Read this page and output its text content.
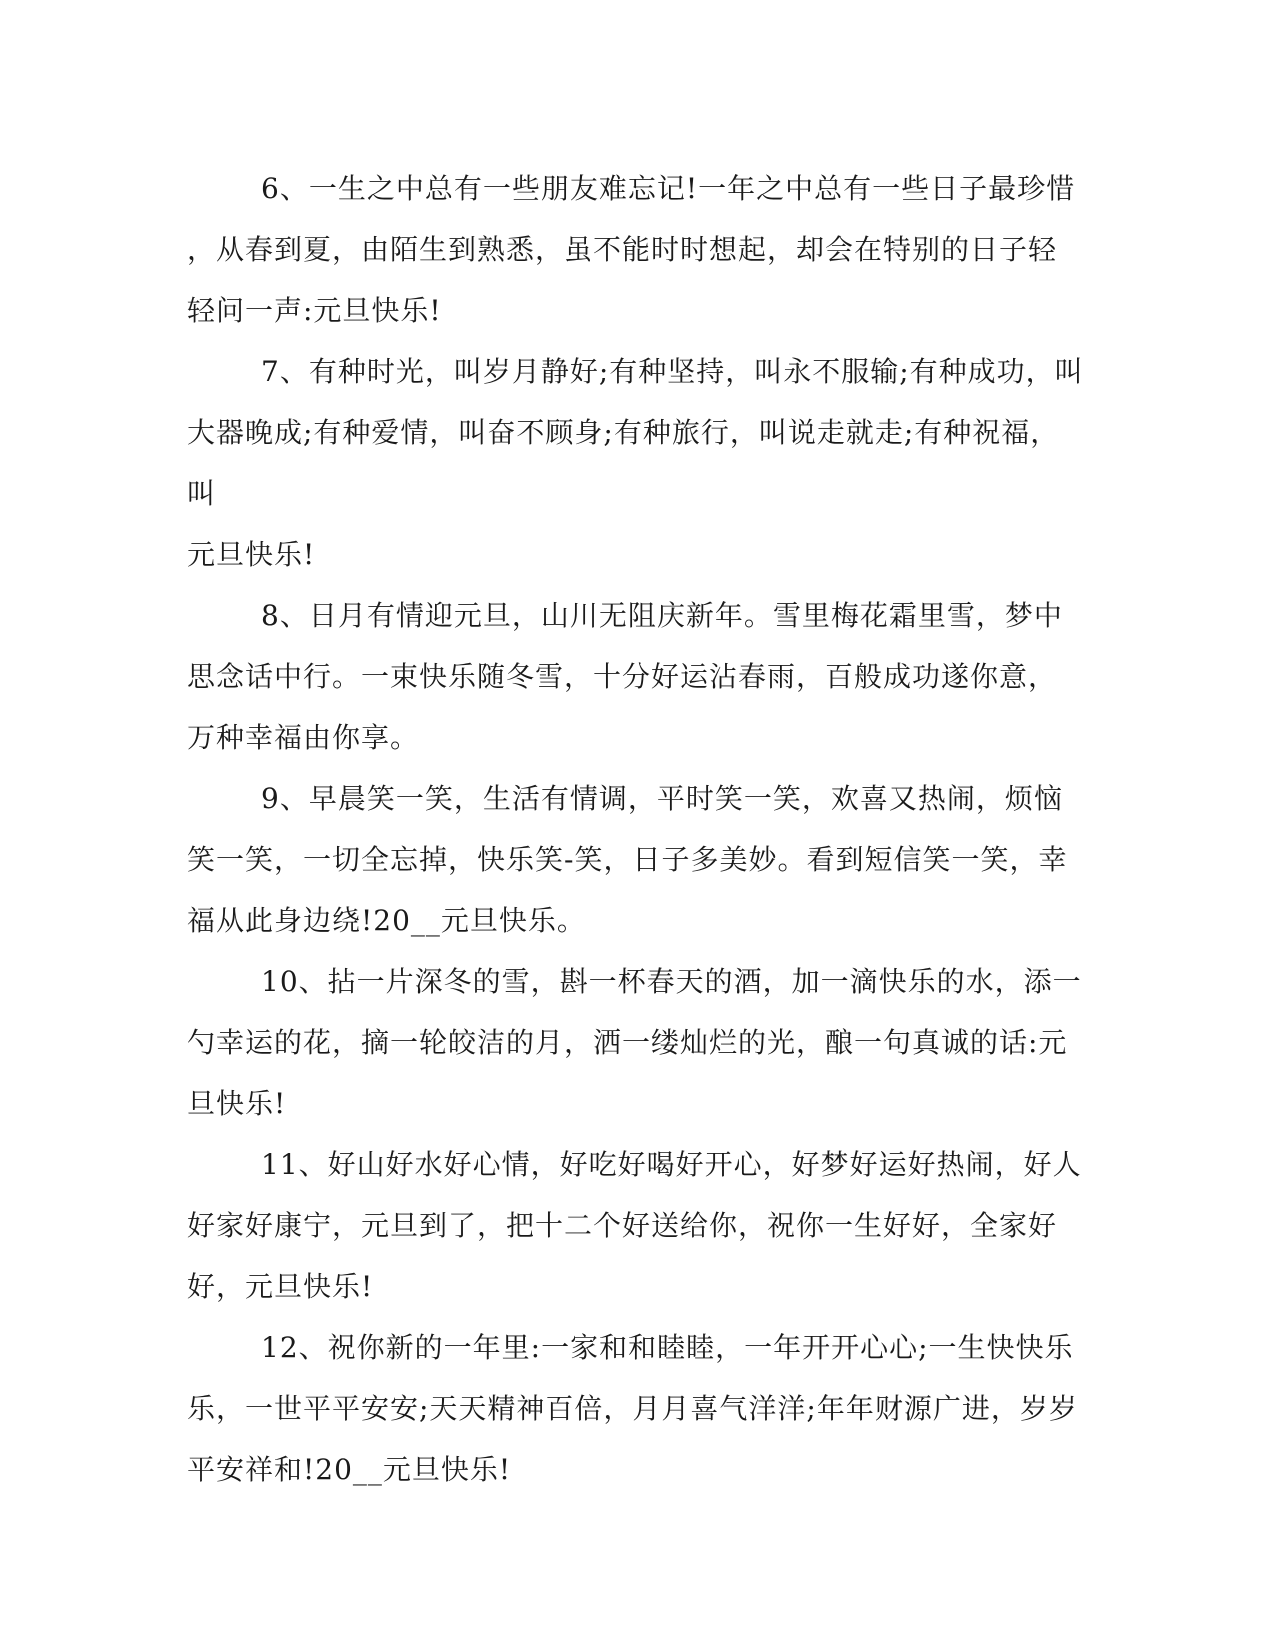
6、一生之中总有一些朋友难忘记!一年之中总有一些日子最珍惜
，从春到夏，由陌生到熟悉，虽不能时时想起，却会在特别的日子轻
轻问一声:元旦快乐!

7、有种时光，叫岁月静好;有种坚持，叫永不服输;有种成功，叫
大器晚成;有种爱情，叫奋不顾身;有种旅行，叫说走就走;有种祝福，叫
元旦快乐!

8、日月有情迎元旦，山川无阻庆新年。雪里梅花霜里雪，梦中
思念话中行。一束快乐随冬雪，十分好运沾春雨，百般成功遂你意，
万种幸福由你享。

9、早晨笑一笑，生活有情调，平时笑一笑，欢喜又热闹，烦恼
笑一笑，一切全忘掉，快乐笑-笑，日子多美妙。看到短信笑一笑，幸
福从此身边绕!20__元旦快乐。

10、拈一片深冬的雪，斟一杯春天的酒，加一滴快乐的水，添一
勺幸运的花，摘一轮皎洁的月，洒一缕灿烂的光，酿一句真诚的话:元
旦快乐!

11、好山好水好心情，好吃好喝好开心，好梦好运好热闹，好人
好家好康宁，元旦到了，把十二个好送给你，祝你一生好好，全家好
好，元旦快乐!

12、祝你新的一年里:一家和和睦睦，一年开开心心;一生快快乐
乐，一世平平安安;天天精神百倍，月月喜气洋洋;年年财源广进，岁岁
平安祥和!20__元旦快乐!
